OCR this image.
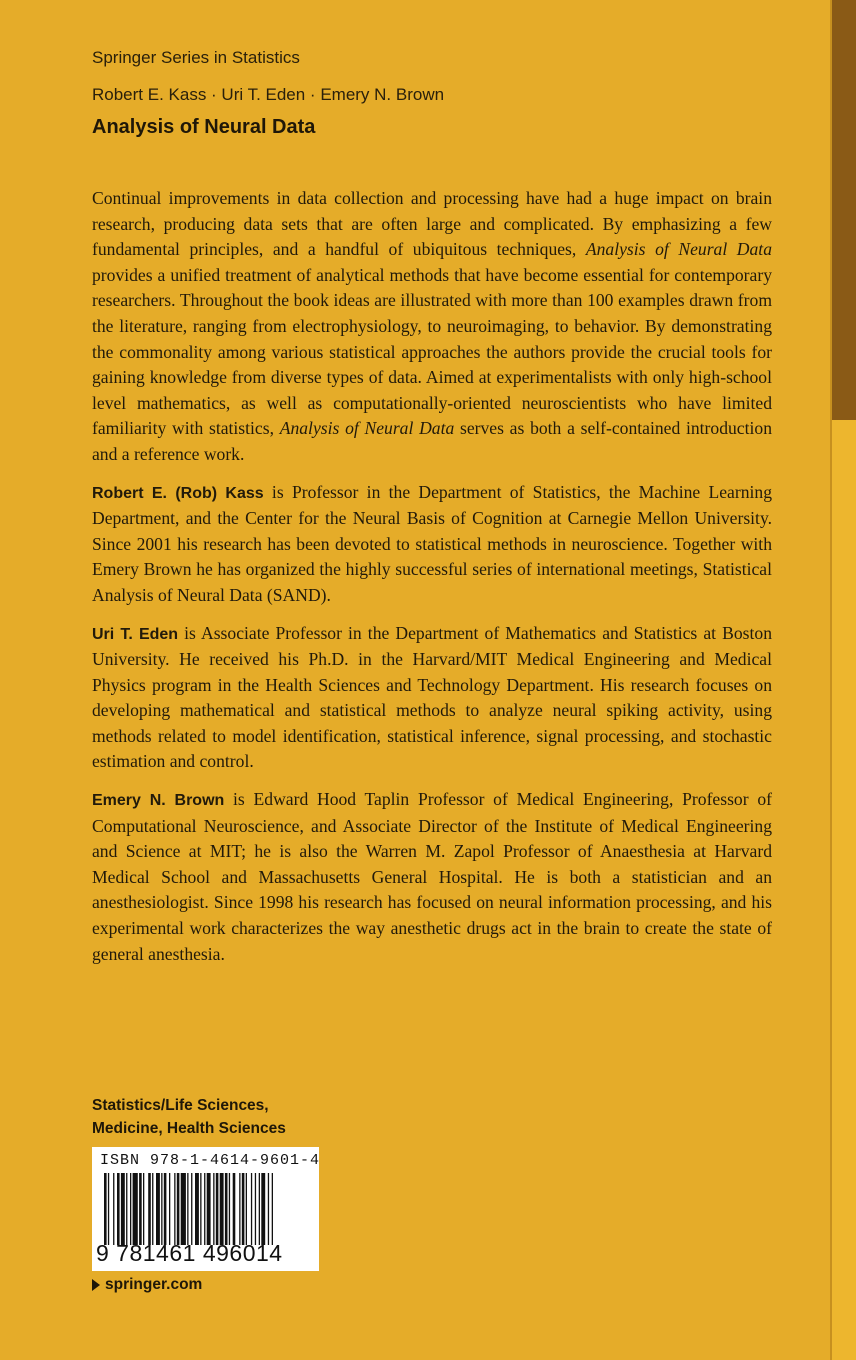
Springer Series in Statistics
Robert E. Kass · Uri T. Eden · Emery N. Brown
Analysis of Neural Data

Continual improvements in data collection and processing have had a huge impact on brain research, producing data sets that are often large and complicated. By emphasizing a few fundamental principles, and a handful of ubiquitous techniques, Analysis of Neural Data provides a unified treatment of analytical methods that have become essential for contemporary researchers. Throughout the book ideas are illustrated with more than 100 examples drawn from the literature, ranging from electrophysiology, to neuroimaging, to behavior. By demonstrating the commonality among various statistical approaches the authors provide the crucial tools for gaining knowledge from diverse types of data. Aimed at experimentalists with only high-school level mathematics, as well as computationally-oriented neuroscientists who have limited familiarity with statistics, Analysis of Neural Data serves as both a self-contained introduction and a reference work.

Robert E. (Rob) Kass is Professor in the Department of Statistics, the Machine Learning Department, and the Center for the Neural Basis of Cognition at Carnegie Mellon University. Since 2001 his research has been devoted to statistical methods in neuroscience. Together with Emery Brown he has organized the highly successful series of international meetings, Statistical Analysis of Neural Data (SAND).

Uri T. Eden is Associate Professor in the Department of Mathematics and Statistics at Boston University. He received his Ph.D. in the Harvard/MIT Medical Engineering and Medical Physics program in the Health Sciences and Technology Department. His research focuses on developing mathematical and statistical methods to analyze neural spiking activity, using methods related to model identification, statistical inference, signal processing, and stochastic estimation and control.

Emery N. Brown is Edward Hood Taplin Professor of Medical Engineering, Professor of Computational Neuroscience, and Associate Director of the Institute of Medical Engineering and Science at MIT; he is also the Warren M. Zapol Professor of Anaesthesia at Harvard Medical School and Massachusetts General Hospital. He is both a statistician and an anesthesiologist. Since 1998 his research has focused on neural information processing, and his experimental work characterizes the way anesthetic drugs act in the brain to create the state of general anesthesia.

Statistics/Life Sciences,
Medicine, Health Sciences
ISBN 978-1-4614-9601-4
9 781461 496014
springer.com
